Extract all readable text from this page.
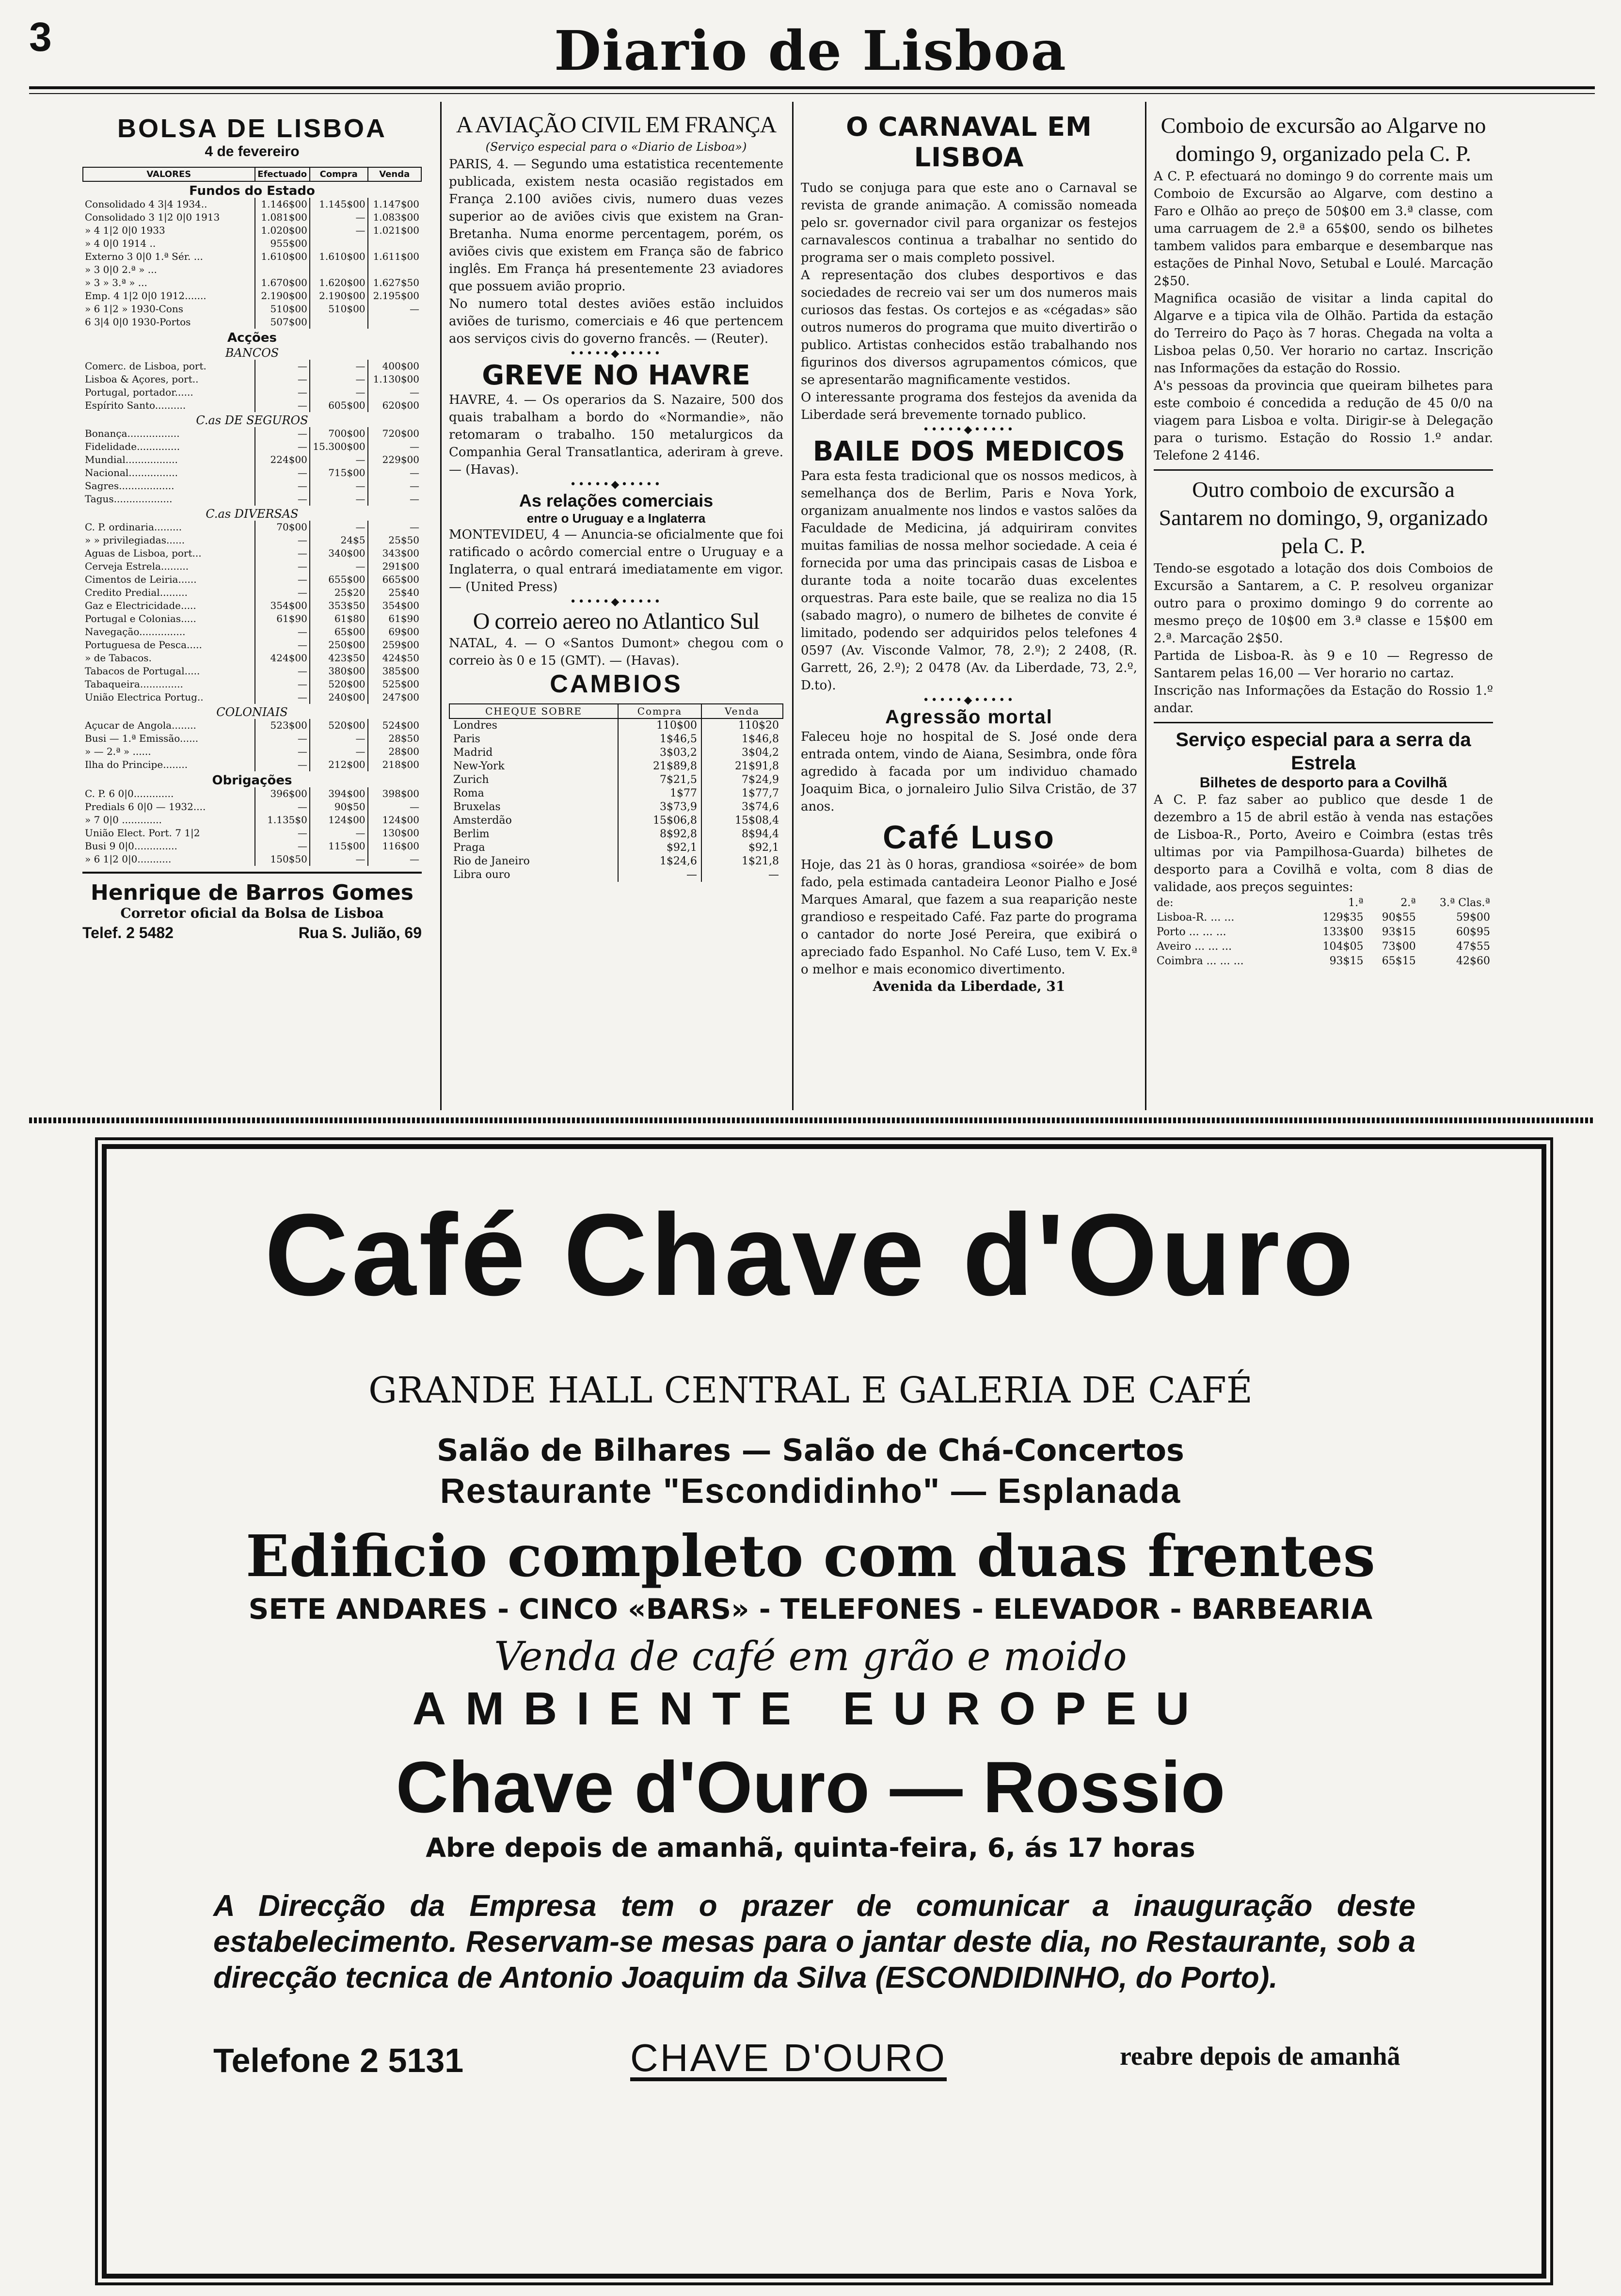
3	Diario de Lisboa
BOLSA DE LISBOA
4 de fevereiro
VALORES	Efectuado	Compra	Venda
Fundos do Estado			
Consolidado 4 3|4 1934..	1.146$00	1.145$00	1.147$00
Consolidado 3 1|2 0|0 1913	1.081$00	—	1.083$00
» 4 1|2 0|0 1933	1.020$00	—	1.021$00
» 4 0|0 1914 ..	955$00		
Externo 3 0|0 1.ª Sér. ...	1.610$00	1.610$00	1.611$00
» 3 0|0 2.ª » ...			
» 3 » 3.ª » ...	1.670$00	1.620$00	1.627$50
Emp. 4 1|2 0|0 1912.......	2.190$00	2.190$00	2.195$00
» 6 1|2 » 1930-Cons	510$00	510$00	—
6 3|4 0|0 1930-Portos	507$00		
Acções			
BANCOS			
Comerc. de Lisboa, port.	—	—	400$00
Lisboa & Açores, port..	—	—	1.130$00
Portugal, portador......	—	—	—
Espírito Santo..........	—	605$00	620$00
C.as DE SEGUROS			
Bonança.................	—	700$00	720$00
Fidelidade..............	—	15.300$00	—
Mundial.................	224$00	—	229$00
Nacional................	—	715$00	—
Sagres..................	—	—	—
Tagus...................	—	—	—
C.as DIVERSAS			
C. P. ordinaria.........	70$00	—	—
» » privilegiadas......	—	24$5	25$50
Aguas de Lisboa, port...	—	340$00	343$00
Cerveja Estrela.........	—	—	291$00
Cimentos de Leiria......	—	655$00	665$00
Credito Predial.........	—	25$20	25$40
Gaz e Electricidade.....	354$00	353$50	354$00
Portugal e Colonias.....	61$90	61$80	61$90
Navegação...............	—	65$00	69$00
Portuguesa de Pesca.....	—	250$00	259$00
» de Tabacos.	424$00	423$50	424$50
Tabacos de Portugal.....	—	380$00	385$00
Tabaqueira..............	—	520$00	525$00
União Electrica Portug..	—	240$00	247$00
COLONIAIS			
Açucar de Angola........	523$00	520$00	524$00
Busi — 1.ª Emissão......	—	—	28$50
» — 2.ª » ......	—	—	28$00
Ilha do Principe........	—	212$00	218$00
Obrigações			
C. P. 6 0|0.............	396$00	394$00	398$00
Predials 6 0|0 — 1932....	—	90$50	—
» 7 0|0 .............	1.135$0	124$00	124$00
União Elect. Port. 7 1|2	—	—	130$00
Busi 9 0|0..............	—	115$00	116$00
» 6 1|2 0|0...........	150$50	—	—
Henrique de Barros Gomes
Corretor oficial da Bolsa de Lisboa
Telef. 2 5482	Rua S. Julião, 69
A AVIAÇÃO CIVIL EM FRANÇA

(Serviço especial para o «Diario de Lisboa»)

PARIS, 4. — Segundo uma estatistica recentemente publicada, existem nesta ocasião registados em França 2.100 aviões civis, numero duas vezes superior ao de aviões civis que existem na Gran-Bretanha. Numa enorme percentagem, porém, os aviões civis que existem em França são de fabrico inglês. Em França há presentemente 23 aviadores que possuem avião proprio.

No numero total destes aviões estão incluidos aviões de turismo, comerciais e 46 que pertencem aos serviços civis do governo francês. — (Reuter).

•••••◆•••••
GREVE NO HAVRE

HAVRE, 4. — Os operarios da S. Nazaire, 500 dos quais trabalham a bordo do «Normandie», não retomaram o trabalho. 150 metalurgicos da Companhia Geral Transatlantica, aderiram à greve. — (Havas).

•••••◆•••••
As relações comerciais
entre o Uruguay e a Inglaterra

MONTEVIDEU, 4 — Anuncia-se oficialmente que foi ratificado o acôrdo comercial entre o Uruguay e a Inglaterra, o qual entrará imediatamente em vigor. — (United Press)

•••••◆•••••
O correio aereo no Atlantico Sul

NATAL, 4. — O «Santos Dumont» chegou com o correio às 0 e 15 (GMT). — (Havas).

CAMBIOS
CHEQUE SOBRE	Compra	Venda
Londres	110$00	110$20
Paris	1$46,5	1$46,8
Madrid	3$03,2	3$04,2
New-York	21$89,8	21$91,8
Zurich	7$21,5	7$24,9
Roma	1$77	1$77,7
Bruxelas	3$73,9	3$74,6
Amsterdão	15$06,8	15$08,4
Berlim	8$92,8	8$94,4
Praga	$92,1	$92,1
Rio de Janeiro	1$24,6	1$21,8
Libra ouro	—	—
O CARNAVAL EM LISBOA

Tudo se conjuga para que este ano o Carnaval se revista de grande animação. A comissão nomeada pelo sr. governador civil para organizar os festejos carnavalescos continua a trabalhar no sentido do programa ser o mais completo possivel.

A representação dos clubes desportivos e das sociedades de recreio vai ser um dos numeros mais curiosos das festas. Os cortejos e as «cégadas» são outros numeros do programa que muito divertirão o publico. Artistas conhecidos estão trabalhando nos figurinos dos diversos agrupamentos cómicos, que se apresentarão magnificamente vestidos.

O interessante programa dos festejos da avenida da Liberdade será brevemente tornado publico.

•••••◆•••••
BAILE DOS MEDICOS

Para esta festa tradicional que os nossos medicos, à semelhança dos de Berlim, Paris e Nova York, organizam anualmente nos lindos e vastos salões da Faculdade de Medicina, já adquiriram convites muitas familias de nossa melhor sociedade. A ceia é fornecida por uma das principais casas de Lisboa e durante toda a noite tocarão duas excelentes orquestras. Para este baile, que se realiza no dia 15 (sabado magro), o numero de bilhetes de convite é limitado, podendo ser adquiridos pelos telefones 4 0597 (Av. Visconde Valmor, 78, 2.º); 2 2408, (R. Garrett, 26, 2.º); 2 0478 (Av. da Liberdade, 73, 2.º, D.to).

•••••◆•••••
Agressão mortal

Faleceu hoje no hospital de S. José onde dera entrada ontem, vindo de Aiana, Sesimbra, onde fôra agredido à facada por um individuo chamado Joaquim Bica, o jornaleiro Julio Silva Cristão, de 37 anos.

Café Luso

Hoje, das 21 às 0 horas, grandiosa «soirée» de bom fado, pela estimada cantadeira Leonor Pialho e José Marques Amaral, que fazem a sua reaparição neste grandioso e respeitado Café. Faz parte do programa o cantador do norte José Pereira, que exibirá o apreciado fado Espanhol. No Café Luso, tem V. Ex.ª o melhor e mais economico divertimento.

Avenida da Liberdade, 31
Comboio de excursão ao Algarve no domingo 9, organizado pela C. P.

A C. P. efectuará no domingo 9 do corrente mais um Comboio de Excursão ao Algarve, com destino a Faro e Olhão ao preço de 50$00 em 3.ª classe, com uma carruagem de 2.ª a 65$00, sendo os bilhetes tambem validos para embarque e desembarque nas estações de Pinhal Novo, Setubal e Loulé. Marcação 2$50.

Magnifica ocasião de visitar a linda capital do Algarve e a tipica vila de Olhão. Partida da estação do Terreiro do Paço às 7 horas. Chegada na volta a Lisboa pelas 0,50. Ver horario no cartaz. Inscrição nas Informações da estação do Rossio.

A's pessoas da provincia que queiram bilhetes para este comboio é concedida a redução de 45 0/0 na viagem para Lisboa e volta. Dirigir-se à Delegação para o turismo. Estação do Rossio 1.º andar. Telefone 2 4146.

Outro comboio de excursão a Santarem no domingo, 9, organizado pela C. P.

Tendo-se esgotado a lotação dos dois Comboios de Excursão a Santarem, a C. P. resolveu organizar outro para o proximo domingo 9 do corrente ao mesmo preço de 10$00 em 3.ª classe e 15$00 em 2.ª. Marcação 2$50.

Partida de Lisboa-R. às 9 e 10 — Regresso de Santarem pelas 16,00 — Ver horario no cartaz.

Inscrição nas Informações da Estação do Rossio 1.º andar.

Serviço especial para a serra da Estrela
Bilhetes de desporto para a Covilhã

A C. P. faz saber ao publico que desde 1 de dezembro a 15 de abril estão à venda nas estações de Lisboa-R., Porto, Aveiro e Coimbra (estas três ultimas por via Pampilhosa-Guarda) bilhetes de desporto para a Covilhã e volta, com 8 dias de validade, aos preços seguintes:

de:	1.ª	2.ª	3.ª Clas.ª
Lisboa-R. ... ...	129$35	90$55	59$00
Porto ... ... ...	133$00	93$15	60$95
Aveiro ... ... ...	104$05	73$00	47$55
Coimbra ... ... ...	93$15	65$15	42$60
Café Chave d'Ouro
GRANDE HALL CENTRAL E GALERIA DE CAFÉ
Salão de Bilhares — Salão de Chá-Concertos
Restaurante "Escondidinho" — Esplanada
Edificio completo com duas frentes
SETE ANDARES - CINCO «BARS» - TELEFONES - ELEVADOR - BARBEARIA
Venda de café em grão e moido
AMBIENTE EUROPEU
Chave d'Ouro — Rossio
Abre depois de amanhã, quinta-feira, 6, ás 17 horas
A Direcção da Empresa tem o prazer de comunicar a inauguração deste estabelecimento. Reservam-se mesas para o jantar deste dia, no Restaurante, sob a direcção tecnica de Antonio Joaquim da Silva (ESCONDIDINHO, do Porto).
Telefone 2 5131	CHAVE D'OURO	reabre depois de amanhã
